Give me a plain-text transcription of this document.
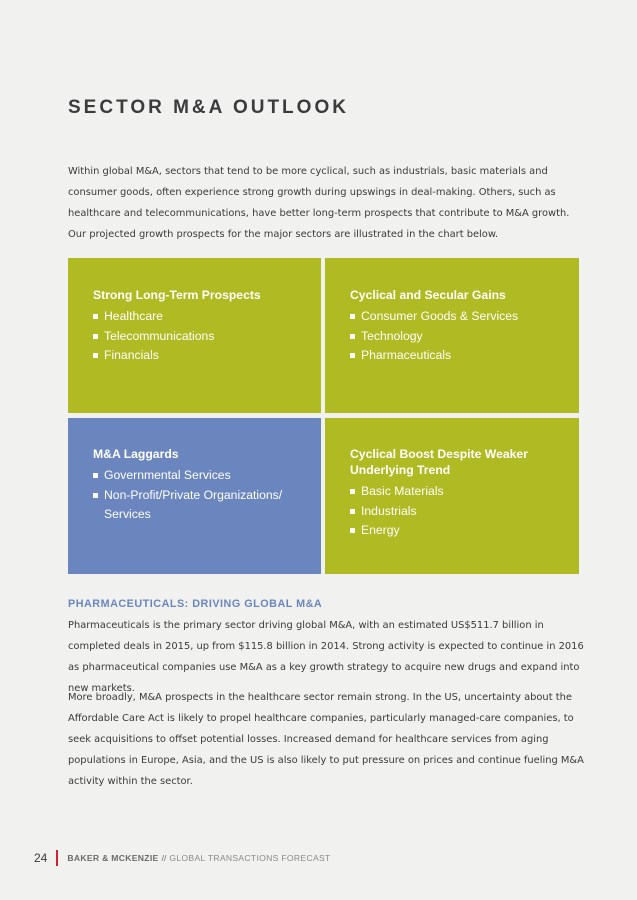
SECTOR M&A OUTLOOK

Within global M&A, sectors that tend to be more cyclical, such as industrials, basic materials and consumer goods, often experience strong growth during upswings in deal-making. Others, such as healthcare and telecommunications, have better long-term prospects that contribute to M&A growth. Our projected growth prospects for the major sectors are illustrated in the chart below.

Strong Long-Term Prospects
Healthcare
Telecommunications
Financials
Cyclical and Secular Gains
Consumer Goods & Services
Technology
Pharmaceuticals
M&A Laggards
Governmental Services
Non-Profit/Private Organizations/ Services
Cyclical Boost Despite Weaker Underlying Trend
Basic Materials
Industrials
Energy
PHARMACEUTICALS: DRIVING GLOBAL M&A

Pharmaceuticals is the primary sector driving global M&A, with an estimated US$511.7 billion in completed deals in 2015, up from $115.8 billion in 2014. Strong activity is expected to continue in 2016 as pharmaceutical companies use M&A as a key growth strategy to acquire new drugs and expand into new markets.

More broadly, M&A prospects in the healthcare sector remain strong. In the US, uncertainty about the Affordable Care Act is likely to propel healthcare companies, particularly managed-care companies, to seek acquisitions to offset potential losses. Increased demand for healthcare services from aging populations in Europe, Asia, and the US is also likely to put pressure on prices and continue fueling M&A activity within the sector.

24 BAKER & MCKENZIE // GLOBAL TRANSACTIONS FORECAST
